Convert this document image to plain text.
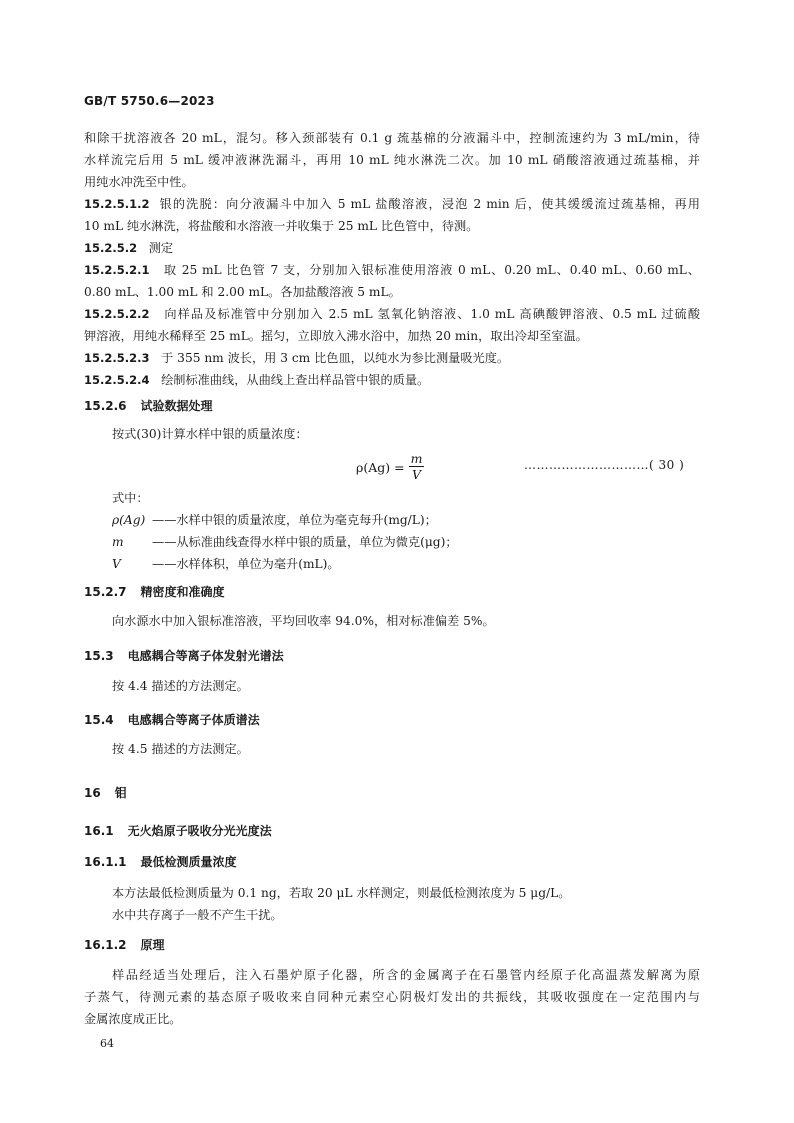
GB/T 5750.6—2023
和除干扰溶液各 20 mL，混匀。移入颈部装有 0.1 g 巯基棉的分液漏斗中，控制流速约为 3 mL/min，待
水样流完后用 5 mL 缓冲液淋洗漏斗，再用 10 mL 纯水淋洗二次。加 10 mL 硝酸溶液通过巯基棉，并
用纯水冲洗至中性。
15.2.5.1.2 银的洗脱：向分液漏斗中加入 5 mL 盐酸溶液，浸泡 2 min 后，使其缓缓流过巯基棉，再用
10 mL 纯水淋洗，将盐酸和水溶液一并收集于 25 mL 比色管中，待测。
15.2.5.2 测定
15.2.5.2.1 取 25 mL 比色管 7 支，分别加入银标准使用溶液 0 mL、0.20 mL、0.40 mL、0.60 mL、
0.80 mL、1.00 mL 和 2.00 mL。各加盐酸溶液 5 mL。
15.2.5.2.2 向样品及标准管中分别加入 2.5 mL 氢氧化钠溶液、1.0 mL 高碘酸钾溶液、0.5 mL 过硫酸
钾溶液，用纯水稀释至 25 mL。摇匀，立即放入沸水浴中，加热 20 min，取出冷却至室温。
15.2.5.2.3 于 355 nm 波长，用 3 cm 比色皿，以纯水为参比测量吸光度。
15.2.5.2.4 绘制标准曲线，从曲线上查出样品管中银的质量。
15.2.6 试验数据处理
按式(30)计算水样中银的质量浓度：
$\rho(Ag) = \frac{m}{V}$	…………………………( 30 )
式中：
ρ(Ag) ——水样中银的质量浓度，单位为毫克每升(mg/L)；
m ——从标准曲线查得水样中银的质量，单位为微克(μg)；
V	——水样体积，单位为毫升(mL)。
15.2.7 精密度和准确度
向水源水中加入银标准溶液，平均回收率 94.0%，相对标准偏差 5%。
15.3 电感耦合等离子体发射光谱法
按 4.4 描述的方法测定。
15.4 电感耦合等离子体质谱法
按 4.5 描述的方法测定。
16 钼
16.1 无火焰原子吸收分光光度法
16.1.1 最低检测质量浓度
本方法最低检测质量为 0.1 ng，若取 20 μL 水样测定，则最低检测浓度为 5 μg/L。
水中共存离子一般不产生干扰。
16.1.2 原理
样品经适当处理后，注入石墨炉原子化器，所含的金属离子在石墨管内经原子化高温蒸发解离为原
子蒸气，待测元素的基态原子吸收来自同种元素空心阴极灯发出的共振线，其吸收强度在一定范围内与
金属浓度成正比。
64
